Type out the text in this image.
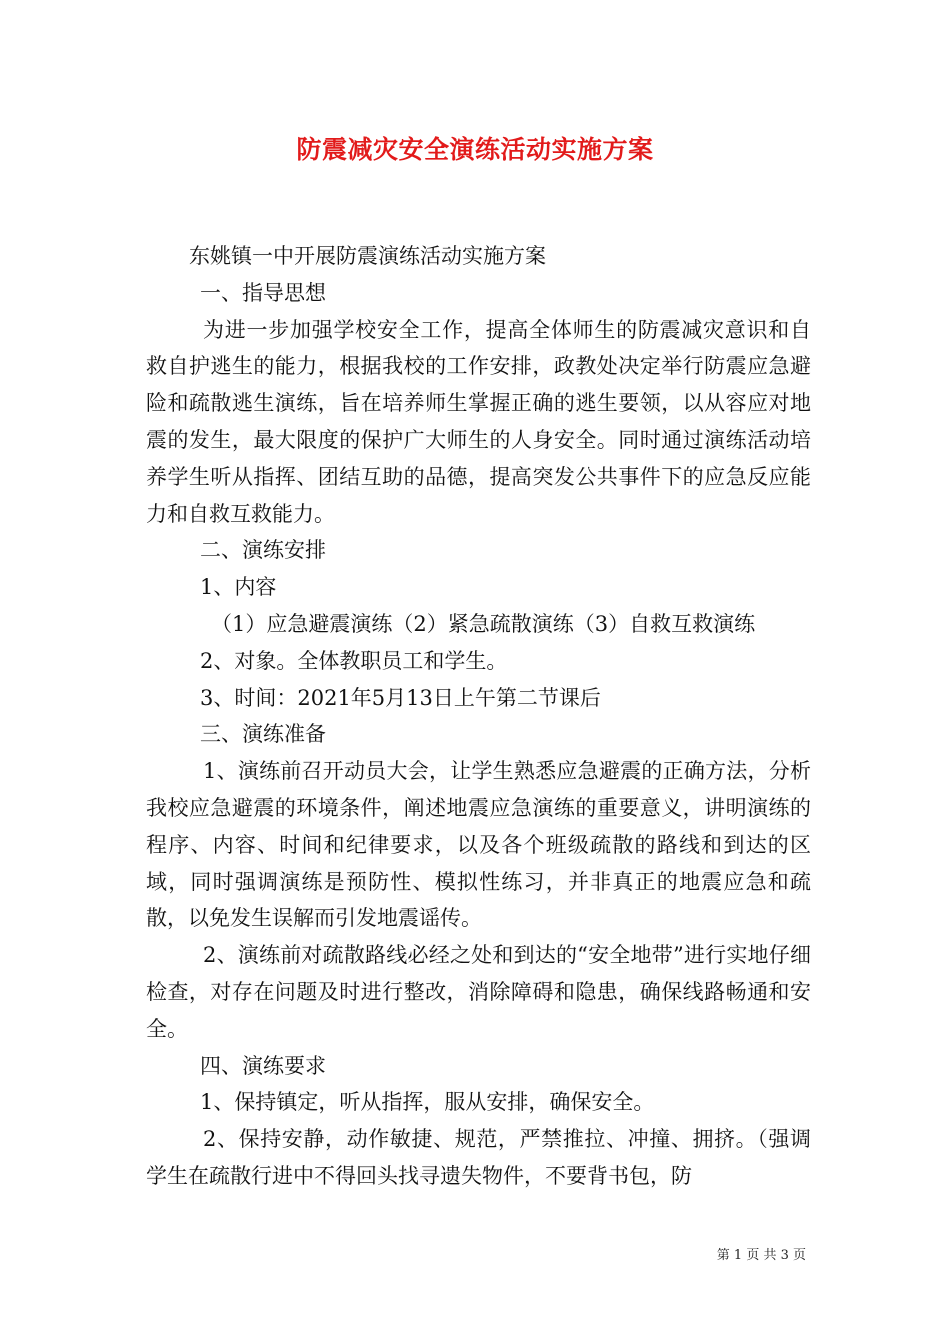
防震减灾安全演练活动实施方案

东姚镇一中开展防震演练活动实施方案

一、指导思想

为进一步加强学校安全工作，提高全体师生的防震减灾意识和自救自护逃生的能力，根据我校的工作安排，政教处决定举行防震应急避险和疏散逃生演练，旨在培养师生掌握正确的逃生要领，以从容应对地震的发生，最大限度的保护广大师生的人身安全。同时通过演练活动培养学生听从指挥、团结互助的品德，提高突发公共事件下的应急反应能力和自救互救能力。

二、演练安排

1、内容

（1）应急避震演练（2）紧急疏散演练（3）自救互救演练

2、对象。全体教职员工和学生。

3、时间：2021年5月13日上午第二节课后

三、演练准备

1、演练前召开动员大会，让学生熟悉应急避震的正确方法，分析我校应急避震的环境条件，阐述地震应急演练的重要意义，讲明演练的程序、内容、时间和纪律要求，以及各个班级疏散的路线和到达的区域，同时强调演练是预防性、模拟性练习，并非真正的地震应急和疏散，以免发生误解而引发地震谣传。

2、演练前对疏散路线必经之处和到达的“安全地带”进行实地仔细检查，对存在问题及时进行整改，消除障碍和隐患，确保线路畅通和安全。

四、演练要求

1、保持镇定，听从指挥，服从安排，确保安全。

2、保持安静，动作敏捷、规范，严禁推拉、冲撞、拥挤。（强调学生在疏散行进中不得回头找寻遗失物件，不要背书包，防

第 1 页 共 3 页
